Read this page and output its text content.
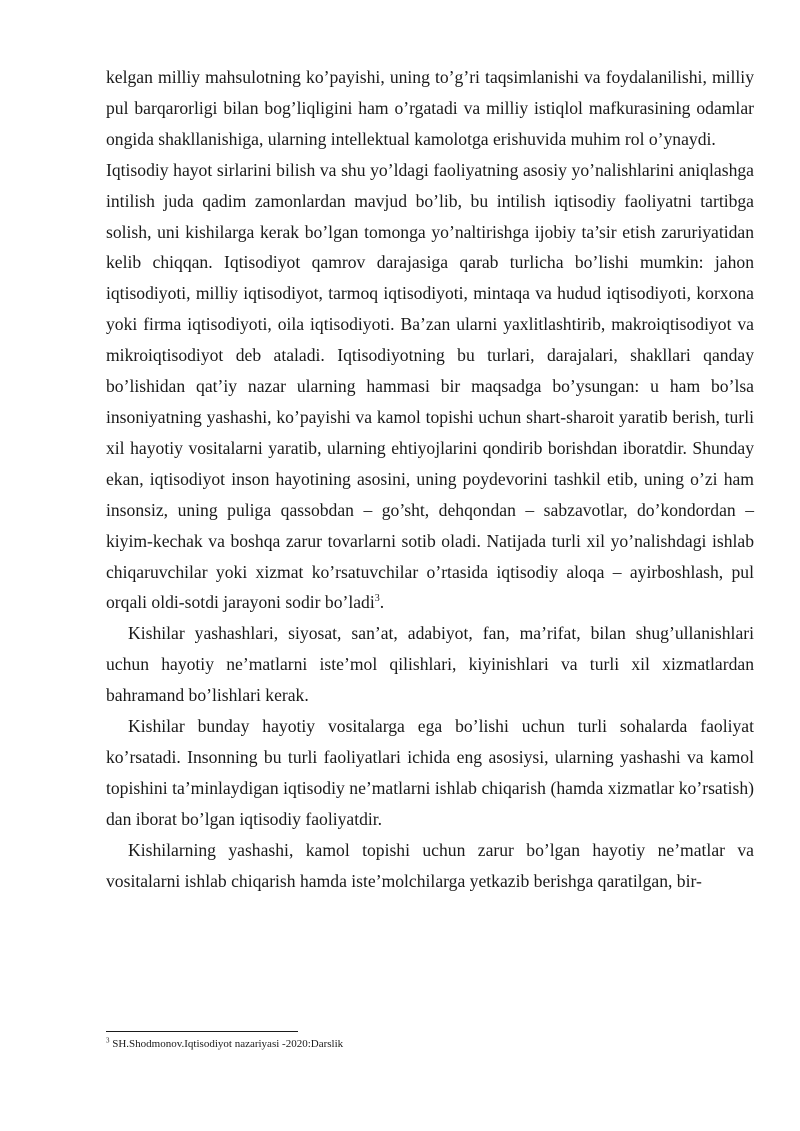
kelgan milliy mahsulotning ko’payishi, uning to’g’ri taqsimlanishi va foydalanilishi, milliy pul barqarorligi bilan bog’liqligini ham o’rgatadi va milliy istiqlol mafkurasining odamlar ongida shakllanishiga, ularning intellektual kamolotga erishuvida muhim rol o’ynaydi.

Iqtisodiy hayot sirlarini bilish va shu yo’ldagi faoliyatning asosiy yo’nalishlarini aniqlashga intilish juda qadim zamonlardan mavjud bo’lib, bu intilish iqtisodiy faoliyatni tartibga solish, uni kishilarga kerak bo’lgan tomonga yo’naltirishga ijobiy ta’sir etish zaruriyatidan kelib chiqqan. Iqtisodiyot qamrov darajasiga qarab turlicha bo’lishi mumkin: jahon iqtisodiyoti, milliy iqtisodiyot, tarmoq iqtisodiyoti, mintaqa va hudud iqtisodiyoti, korxona yoki firma iqtisodiyoti, oila iqtisodiyoti. Ba’zan ularni yaxlitlashtirib, makroiqtisodiyot va mikroiqtisodiyot deb ataladi. Iqtisodiyotning bu turlari, darajalari, shakllari qanday bo’lishidan qat’iy nazar ularning hammasi bir maqsadga bo’ysungan: u ham bo’lsa insoniyatning yashashi, ko’payishi va kamol topishi uchun shart-sharoit yaratib berish, turli xil hayotiy vositalarni yaratib, ularning ehtiyojlarini qondirib borishdan iboratdir. Shunday ekan, iqtisodiyot inson hayotining asosini, uning poydevorini tashkil etib, uning o’zi ham insonsiz, uning puliga qassobdan – go’sht, dehqondan – sabzavotlar, do’kondordan – kiyim-kechak va boshqa zarur tovarlarni sotib oladi. Natijada turli xil yo’nalishdagi ishlab chiqaruvchilar yoki xizmat ko’rsatuvchilar o’rtasida iqtisodiy aloqa – ayirboshlash, pul orqali oldi-sotdi jarayoni sodir bo’ladi$^3$.

Kishilar yashashlari, siyosat, san’at, adabiyot, fan, ma’rifat, bilan shug’ullanishlari uchun hayotiy ne’matlarni iste’mol qilishlari, kiyinishlari va turli xil xizmatlardan bahramand bo’lishlari kerak.

Kishilar bunday hayotiy vositalarga ega bo’lishi uchun turli sohalarda faoliyat ko’rsatadi. Insonning bu turli faoliyatlari ichida eng asosiysi, ularning yashashi va kamol topishini ta’minlaydigan iqtisodiy ne’matlarni ishlab chiqarish (hamda xizmatlar ko’rsatish) dan iborat bo’lgan iqtisodiy faoliyatdir.

Kishilarning yashashi, kamol topishi uchun zarur bo’lgan hayotiy ne’matlar va vositalarni ishlab chiqarish hamda iste’molchilarga yetkazib berishga qaratilgan, bir-

$^3$ SH.Shodmonov.Iqtisodiyot nazariyasi -2020:Darslik
